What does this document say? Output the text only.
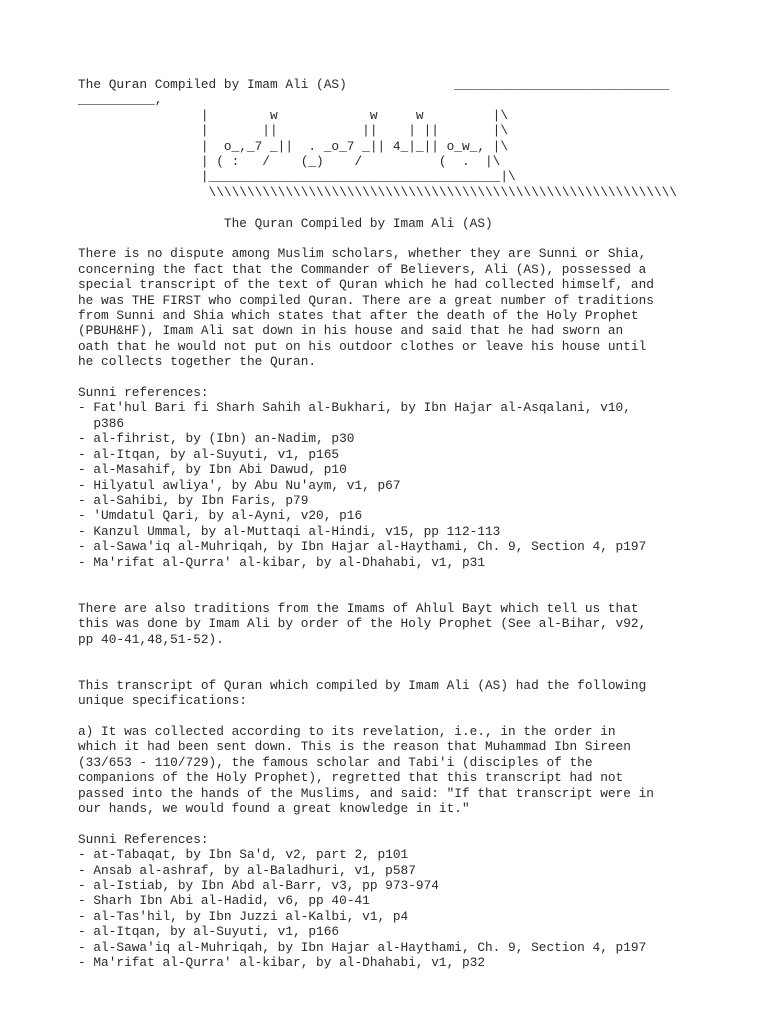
The Quran Compiled by Imam Ali (AS)              ____________________________
__________,
|        w            w     w         |\
|       ||           ||    | ||       |\
|  o_,_7 _||  . _o_7 _|| 4_|_|| o_w_, |\
| ( :   /    (_)    /          (  .  |\
|______________________________________|\
\\\\\\\\\\\\\\\\\\\\\\\\\\\\\\\\\\\\\\\\\\\\\\\\\\\\\\\\\\\\\
The Quran Compiled by Imam Ali (AS)
There is no dispute among Muslim scholars, whether they are Sunni or Shia,
concerning the fact that the Commander of Believers, Ali (AS), possessed a
special transcript of the text of Quran which he had collected himself, and
he was THE FIRST who compiled Quran. There are a great number of traditions
from Sunni and Shia which states that after the death of the Holy Prophet
(PBUH&HF), Imam Ali sat down in his house and said that he had sworn an
oath that he would not put on his outdoor clothes or leave his house until
he collects together the Quran.
Sunni references:
- Fat'hul Bari fi Sharh Sahih al-Bukhari, by Ibn Hajar al-Asqalani, v10,
p386
- al-fihrist, by (Ibn) an-Nadim, p30
- al-Itqan, by al-Suyuti, v1, p165
- al-Masahif, by Ibn Abi Dawud, p10
- Hilyatul awliya', by Abu Nu'aym, v1, p67
- al-Sahibi, by Ibn Faris, p79
- 'Umdatul Qari, by al-Ayni, v20, p16
- Kanzul Ummal, by al-Muttaqi al-Hindi, v15, pp 112-113
- al-Sawa'iq al-Muhriqah, by Ibn Hajar al-Haythami, Ch. 9, Section 4, p197
- Ma'rifat al-Qurra' al-kibar, by al-Dhahabi, v1, p31
There are also traditions from the Imams of Ahlul Bayt which tell us that
this was done by Imam Ali by order of the Holy Prophet (See al-Bihar, v92,
pp 40-41,48,51-52).
This transcript of Quran which compiled by Imam Ali (AS) had the following
unique specifications:
a) It was collected according to its revelation, i.e., in the order in
which it had been sent down. This is the reason that Muhammad Ibn Sireen
(33/653 - 110/729), the famous scholar and Tabi'i (disciples of the
companions of the Holy Prophet), regretted that this transcript had not
passed into the hands of the Muslims, and said: "If that transcript were in
our hands, we would found a great knowledge in it."
Sunni References:
- at-Tabaqat, by Ibn Sa'd, v2, part 2, p101
- Ansab al-ashraf, by al-Baladhuri, v1, p587
- al-Istiab, by Ibn Abd al-Barr, v3, pp 973-974
- Sharh Ibn Abi al-Hadid, v6, pp 40-41
- al-Tas'hil, by Ibn Juzzi al-Kalbi, v1, p4
- al-Itqan, by al-Suyuti, v1, p166
- al-Sawa'iq al-Muhriqah, by Ibn Hajar al-Haythami, Ch. 9, Section 4, p197
- Ma'rifat al-Qurra' al-kibar, by al-Dhahabi, v1, p32
